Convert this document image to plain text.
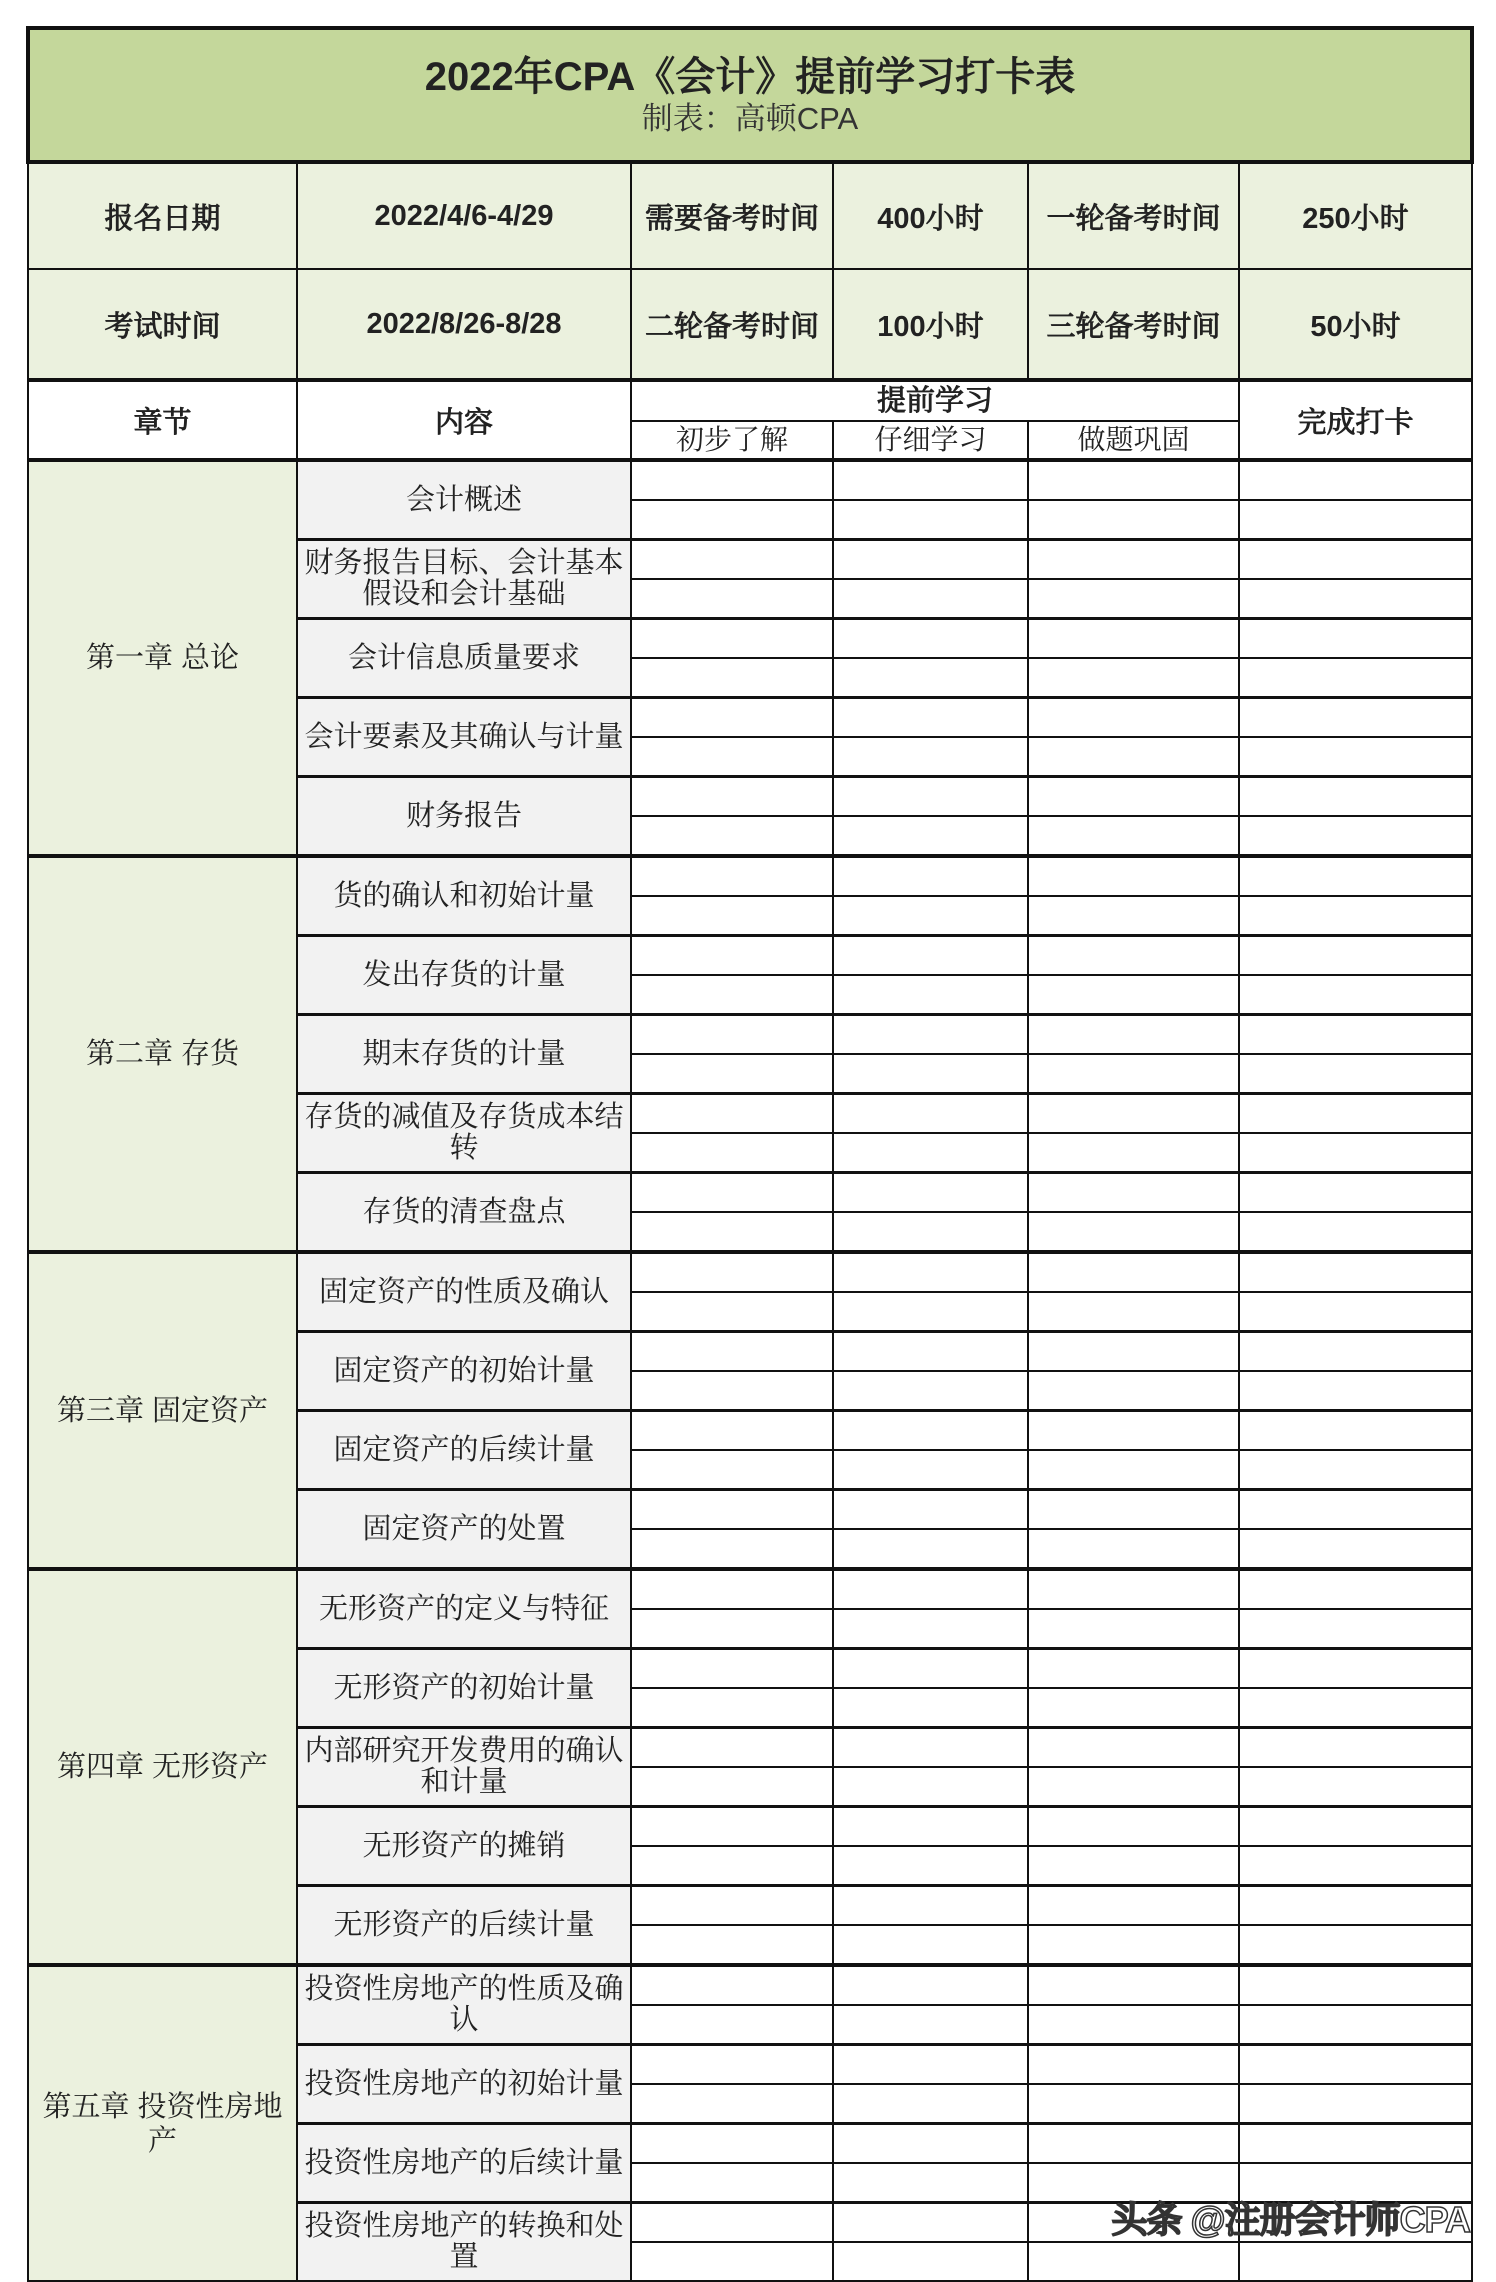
2022年CPA《会计》提前学习打卡表
制表：高顿CPA					

报名日期	2022/4/6-4/29	需要备考时间	400小时	一轮备考时间	250小时
考试时间	2022/8/26-8/28	二轮备考时间	100小时	三轮备考时间	50小时
章节	内容	提前学习			完成打卡
		初步了解	仔细学习	做题巩固	
第一章 总论	会计概述				

	财务报告目标、会计基本假设和会计基础				

	会计信息质量要求				

	会计要素及其确认与计量				

	财务报告				

第二章 存货	货的确认和初始计量				

	发出存货的计量				

	期末存货的计量				

	存货的减值及存货成本结转				

	存货的清查盘点				

第三章 固定资产	固定资产的性质及确认				

	固定资产的初始计量				

	固定资产的后续计量				

	固定资产的处置				

第四章 无形资产	无形资产的定义与特征				

	无形资产的初始计量				

	内部研究开发费用的确认和计量				

	无形资产的摊销				

	无形资产的后续计量				

第五章 投资性房地产	投资性房地产的性质及确认				

	投资性房地产的初始计量				

	投资性房地产的后续计量				

	投资性房地产的转换和处置				

头条 @注册会计师CPA
